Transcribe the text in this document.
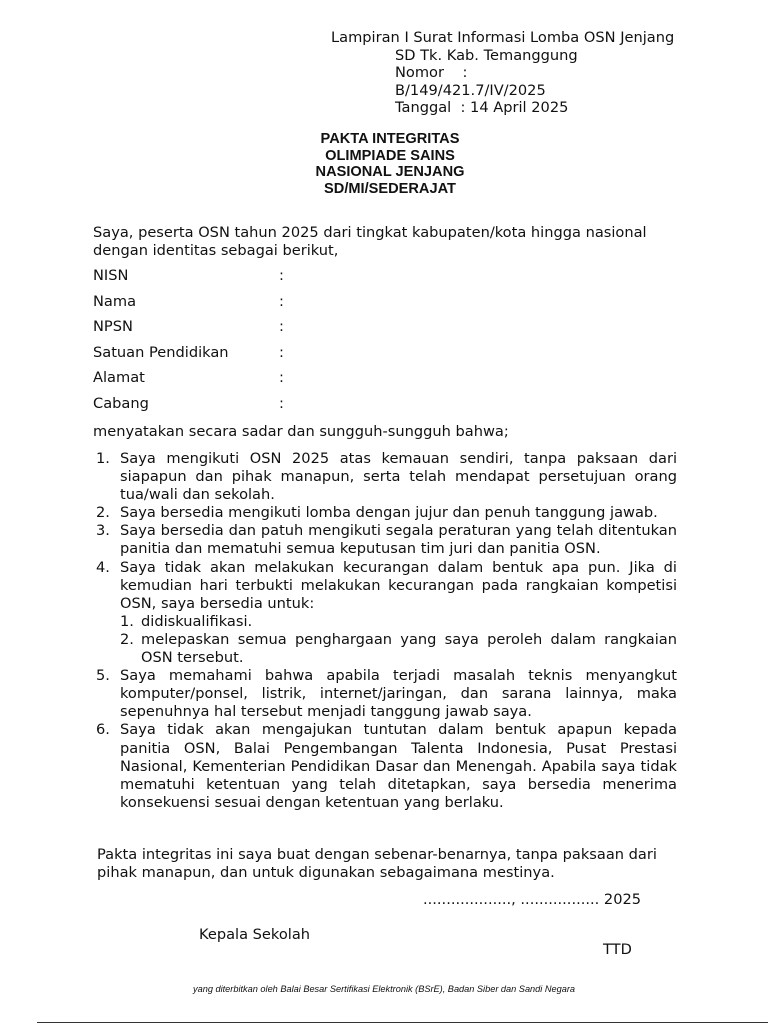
Lampiran I Surat Informasi Lomba OSN Jenjang
SD Tk. Kab. Temanggung
Nomor    :
B/149/421.7/IV/2025
Tanggal  : 14 April 2025
PAKTA INTEGRITAS
OLIMPIADE SAINS
NASIONAL JENJANG
SD/MI/SEDERAJAT
Saya, peserta OSN tahun 2025 dari tingkat kabupaten/kota hingga nasional dengan identitas sebagai berikut,
NISN	:
Nama	:
NPSN	:
Satuan Pendidikan	:
Alamat	:
Cabang	:
menyatakan secara sadar dan sungguh-sungguh bahwa;
1. Saya mengikuti OSN 2025 atas kemauan sendiri, tanpa paksaan dari siapapun dan pihak manapun, serta telah mendapat persetujuan orang tua/wali dan sekolah.
2. Saya bersedia mengikuti lomba dengan jujur dan penuh tanggung jawab.
3. Saya bersedia dan patuh mengikuti segala peraturan yang telah ditentukan panitia dan mematuhi semua keputusan tim juri dan panitia OSN.
4. Saya tidak akan melakukan kecurangan dalam bentuk apa pun. Jika di kemudian hari terbukti melakukan kecurangan pada rangkaian kompetisi OSN, saya bersedia untuk:
1. didiskualifikasi.
2. melepaskan semua penghargaan yang saya peroleh dalam rangkaian OSN tersebut.
5. Saya memahami bahwa apabila terjadi masalah teknis menyangkut komputer/ponsel, listrik, internet/jaringan, dan sarana lainnya, maka sepenuhnya hal tersebut menjadi tanggung jawab saya.
6. Saya tidak akan mengajukan tuntutan dalam bentuk apapun kepada panitia OSN, Balai Pengembangan Talenta Indonesia, Pusat Prestasi Nasional, Kementerian Pendidikan Dasar dan Menengah. Apabila saya tidak mematuhi ketentuan yang telah ditetapkan, saya bersedia menerima konsekuensi sesuai dengan ketentuan yang berlaku.
Pakta integritas ini saya buat dengan sebenar-benarnya, tanpa paksaan dari pihak manapun, dan untuk digunakan sebagaimana mestinya.
..................., ................. 2025
Kepala Sekolah
TTD
yang diterbitkan oleh Balai Besar Sertifikasi Elektronik (BSrE), Badan Siber dan Sandi Negara
